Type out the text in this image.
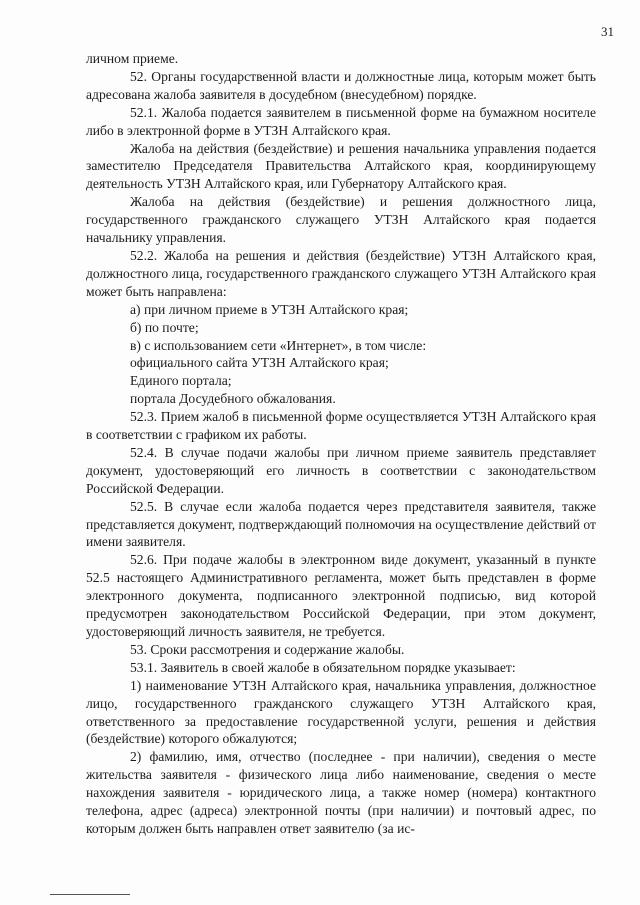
31

личном приеме.

52. Органы государственной власти и должностные лица, которым может быть адресована жалоба заявителя в досудебном (внесудебном) порядке.

52.1. Жалоба подается заявителем в письменной форме на бумажном носителе либо в электронной форме в УТЗН Алтайского края.

Жалоба на действия (бездействие) и решения начальника управления подается заместителю Председателя Правительства Алтайского края, координирующему деятельность УТЗН Алтайского края, или Губернатору Алтайского края.

Жалоба на действия (бездействие) и решения должностного лица, государственного гражданского служащего УТЗН Алтайского края подается начальнику управления.

52.2. Жалоба на решения и действия (бездействие) УТЗН Алтайского края, должностного лица, государственного гражданского служащего УТЗН Алтайского края может быть направлена:

а) при личном приеме в УТЗН Алтайского края;

б) по почте;

в) с использованием сети «Интернет», в том числе:

официального сайта УТЗН Алтайского края;

Единого портала;

портала Досудебного обжалования.

52.3. Прием жалоб в письменной форме осуществляется УТЗН Алтайского края в соответствии с графиком их работы.

52.4. В случае подачи жалобы при личном приеме заявитель представляет документ, удостоверяющий его личность в соответствии с законодательством Российской Федерации.

52.5. В случае если жалоба подается через представителя заявителя, также представляется документ, подтверждающий полномочия на осуществление действий от имени заявителя.

52.6. При подаче жалобы в электронном виде документ, указанный в пункте 52.5 настоящего Административного регламента, может быть представлен в форме электронного документа, подписанного электронной подписью, вид которой предусмотрен законодательством Российской Федерации, при этом документ, удостоверяющий личность заявителя, не требуется.

53. Сроки рассмотрения и содержание жалобы.

53.1. Заявитель в своей жалобе в обязательном порядке указывает:

1) наименование УТЗН Алтайского края, начальника управления, должностное лицо, государственного гражданского служащего УТЗН Алтайского края, ответственного за предоставление государственной услуги, решения и действия (бездействие) которого обжалуются;

2) фамилию, имя, отчество (последнее - при наличии), сведения о месте жительства заявителя - физического лица либо наименование, сведения о месте нахождения заявителя - юридического лица, а также номер (номера) контактного телефона, адрес (адреса) электронной почты (при наличии) и почтовый адрес, по которым должен быть направлен ответ заявителю (за ис-
